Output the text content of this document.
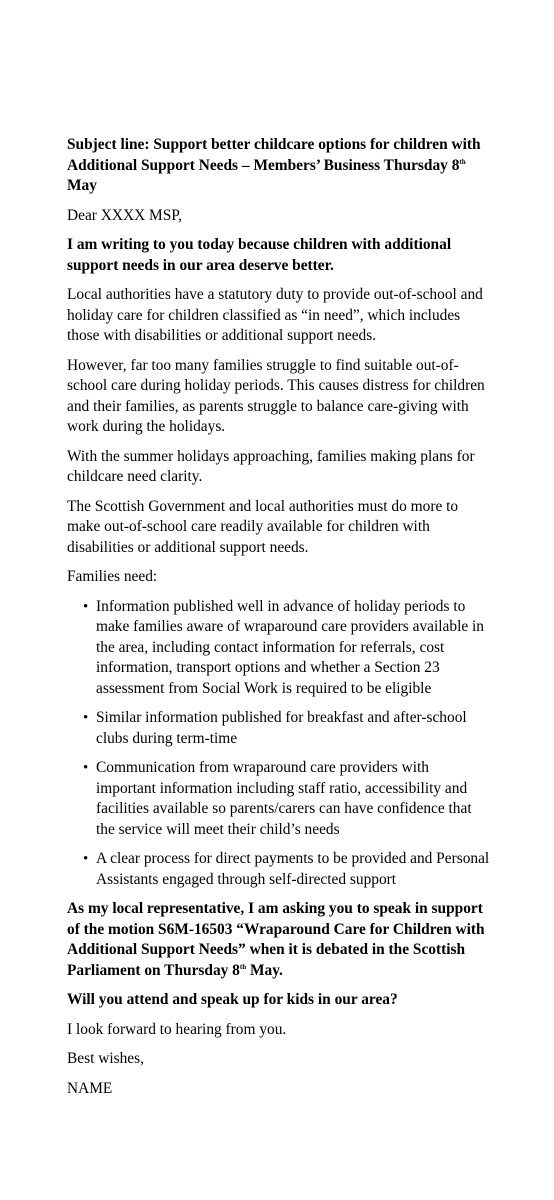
Subject line: Support better childcare options for children with Additional Support Needs – Members’ Business Thursday 8th May

Dear XXXX MSP,

I am writing to you today because children with additional support needs in our area deserve better.

Local authorities have a statutory duty to provide out-of-school and holiday care for children classified as “in need”, which includes those with disabilities or additional support needs.

However, far too many families struggle to find suitable out-of-school care during holiday periods. This causes distress for children and their families, as parents struggle to balance care-giving with work during the holidays.

With the summer holidays approaching, families making plans for childcare need clarity.

The Scottish Government and local authorities must do more to make out-of-school care readily available for children with disabilities or additional support needs.

Families need:

• Information published well in advance of holiday periods to make families aware of wraparound care providers available in the area, including contact information for referrals, cost information, transport options and whether a Section 23 assessment from Social Work is required to be eligible
• Similar information published for breakfast and after-school clubs during term-time
• Communication from wraparound care providers with important information including staff ratio, accessibility and facilities available so parents/carers can have confidence that the service will meet their child’s needs
• A clear process for direct payments to be provided and Personal Assistants engaged through self-directed support

As my local representative, I am asking you to speak in support of the motion S6M-16503 “Wraparound Care for Children with Additional Support Needs” when it is debated in the Scottish Parliament on Thursday 8th May.

Will you attend and speak up for kids in our area?

I look forward to hearing from you.

Best wishes,

NAME
